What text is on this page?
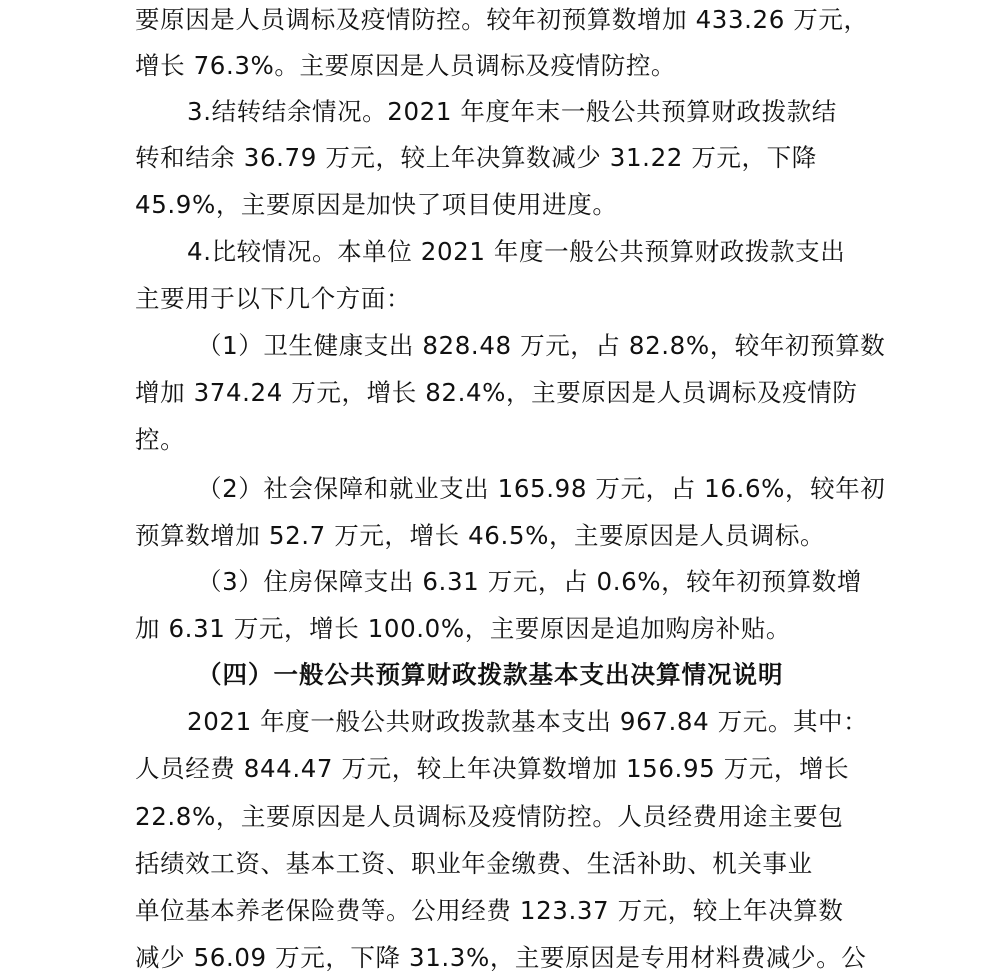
要原因是人员调标及疫情防控。较年初预算数增加 433.26 万元，
增长 76.3%。主要原因是人员调标及疫情防控。
3.结转结余情况。2021 年度年末一般公共预算财政拨款结
转和结余 36.79 万元，较上年决算数减少 31.22 万元，下降
45.9%，主要原因是加快了项目使用进度。
4.比较情况。本单位 2021 年度一般公共预算财政拨款支出
主要用于以下几个方面：
（1）卫生健康支出 828.48 万元，占 82.8%，较年初预算数
增加 374.24 万元，增长 82.4%，主要原因是人员调标及疫情防
控。
（2）社会保障和就业支出 165.98 万元，占 16.6%，较年初
预算数增加 52.7 万元，增长 46.5%，主要原因是人员调标。
（3）住房保障支出 6.31 万元，占 0.6%，较年初预算数增
加 6.31 万元，增长 100.0%，主要原因是追加购房补贴。
（四）一般公共预算财政拨款基本支出决算情况说明
2021 年度一般公共财政拨款基本支出 967.84 万元。其中：
人员经费 844.47 万元，较上年决算数增加 156.95 万元，增长
22.8%，主要原因是人员调标及疫情防控。人员经费用途主要包
括绩效工资、基本工资、职业年金缴费、生活补助、机关事业
单位基本养老保险费等。公用经费 123.37 万元，较上年决算数
减少 56.09 万元，下降 31.3%，主要原因是专用材料费减少。公
